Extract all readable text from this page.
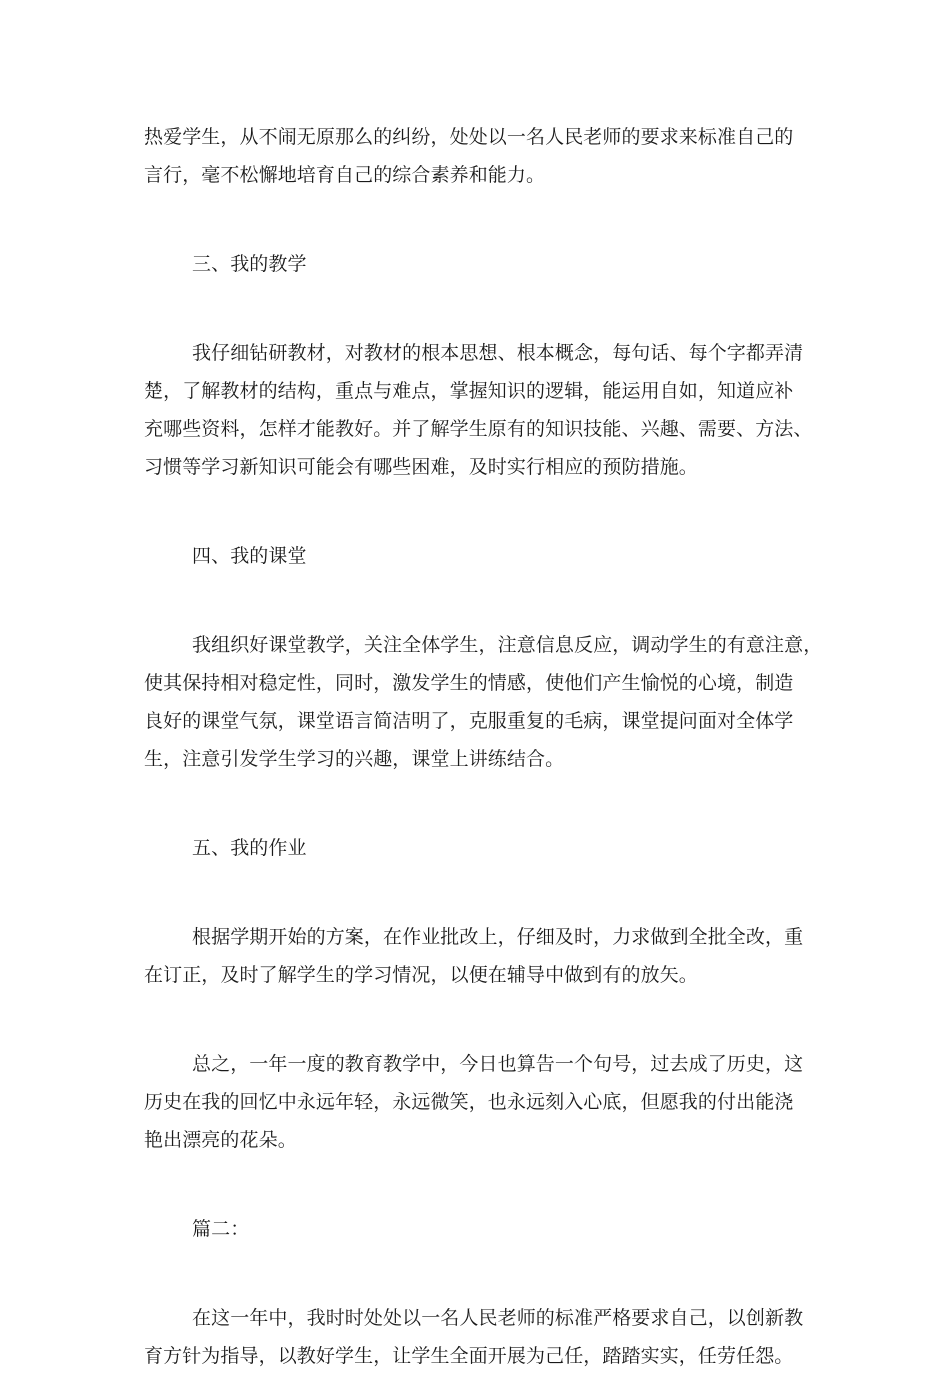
热爱学生，从不闹无原那么的纠纷，处处以一名人民老师的要求来标准自己的
言行，毫不松懈地培育自己的综合素养和能力。
三、我的教学
我仔细钻研教材，对教材的根本思想、根本概念，每句话、每个字都弄清
楚，了解教材的结构，重点与难点，掌握知识的逻辑，能运用自如，知道应补
充哪些资料，怎样才能教好。并了解学生原有的知识技能、兴趣、需要、方法、
习惯等学习新知识可能会有哪些困难，及时实行相应的预防措施。
四、我的课堂
我组织好课堂教学，关注全体学生，注意信息反应，调动学生的有意注意，
使其保持相对稳定性，同时，激发学生的情感，使他们产生愉悦的心境，制造
良好的课堂气氛，课堂语言简洁明了，克服重复的毛病，课堂提问面对全体学
生，注意引发学生学习的兴趣，课堂上讲练结合。
五、我的作业
根据学期开始的方案，在作业批改上，仔细及时，力求做到全批全改，重
在订正，及时了解学生的学习情况，以便在辅导中做到有的放矢。
总之，一年一度的教育教学中，今日也算告一个句号，过去成了历史，这
历史在我的回忆中永远年轻，永远微笑，也永远刻入心底，但愿我的付出能浇
艳出漂亮的花朵。
篇二：
在这一年中，我时时处处以一名人民老师的标准严格要求自己，以创新教
育方针为指导，以教好学生，让学生全面开展为己任，踏踏实实，任劳任怨。
